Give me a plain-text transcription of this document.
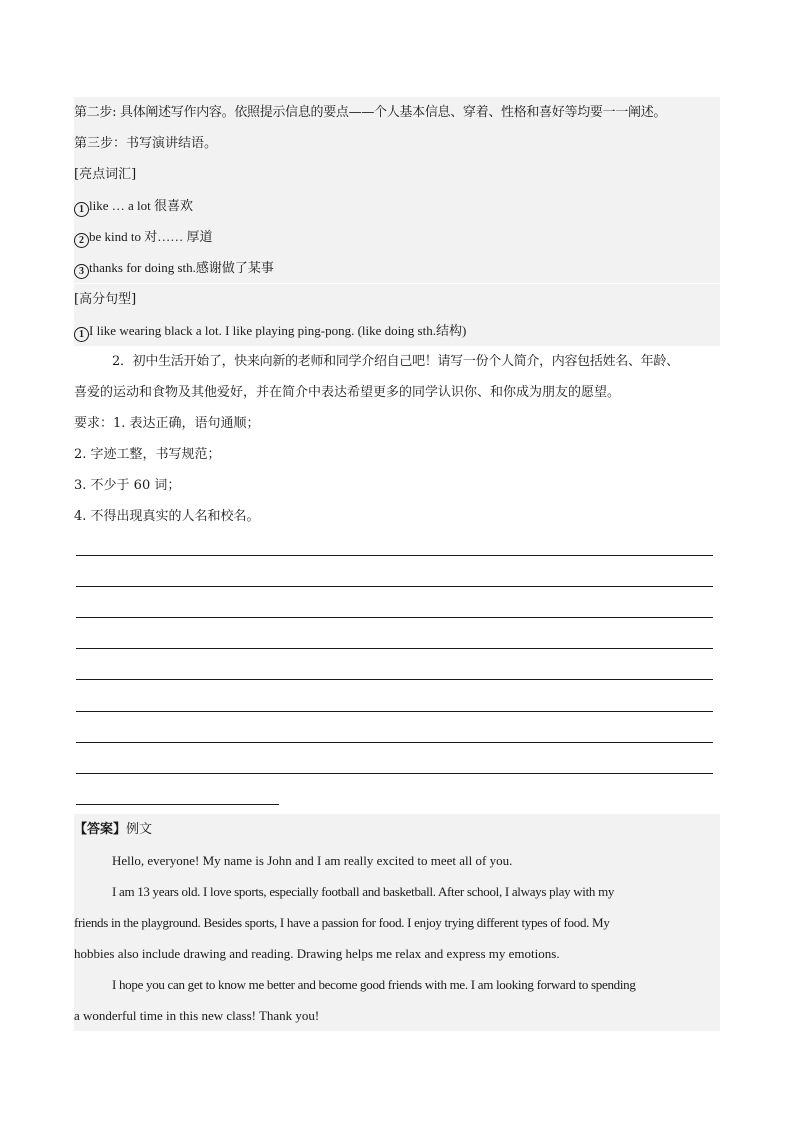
第二步: 具体阐述写作内容。依照提示信息的要点——个人基本信息、穿着、性格和喜好等均要一一阐述。
第三步：书写演讲结语。
[亮点词汇]
1 like … a lot 很喜欢
2 be kind to 对…… 厚道
3 thanks for doing sth.感谢做了某事
[高分句型]
1 I like wearing black a lot. I like playing ping-pong. (like doing sth.结构)
2．初中生活开始了，快来向新的老师和同学介绍自己吧！请写一份个人简介，内容包括姓名、年龄、
喜爱的运动和食物及其他爱好，并在简介中表达希望更多的同学认识你、和你成为朋友的愿望。
要求：1. 表达正确，语句通顺；
2. 字迹工整，书写规范；
3. 不少于 60 词；
4. 不得出现真实的人名和校名。
【答案】例文
Hello, everyone! My name is John and I am really excited to meet all of you.
I am 13 years old. I love sports, especially football and basketball. After school, I always play with my
friends in the playground. Besides sports, I have a passion for food. I enjoy trying different types of food. My
hobbies also include drawing and reading. Drawing helps me relax and express my emotions.
I hope you can get to know me better and become good friends with me. I am looking forward to spending
a wonderful time in this new class! Thank you!
